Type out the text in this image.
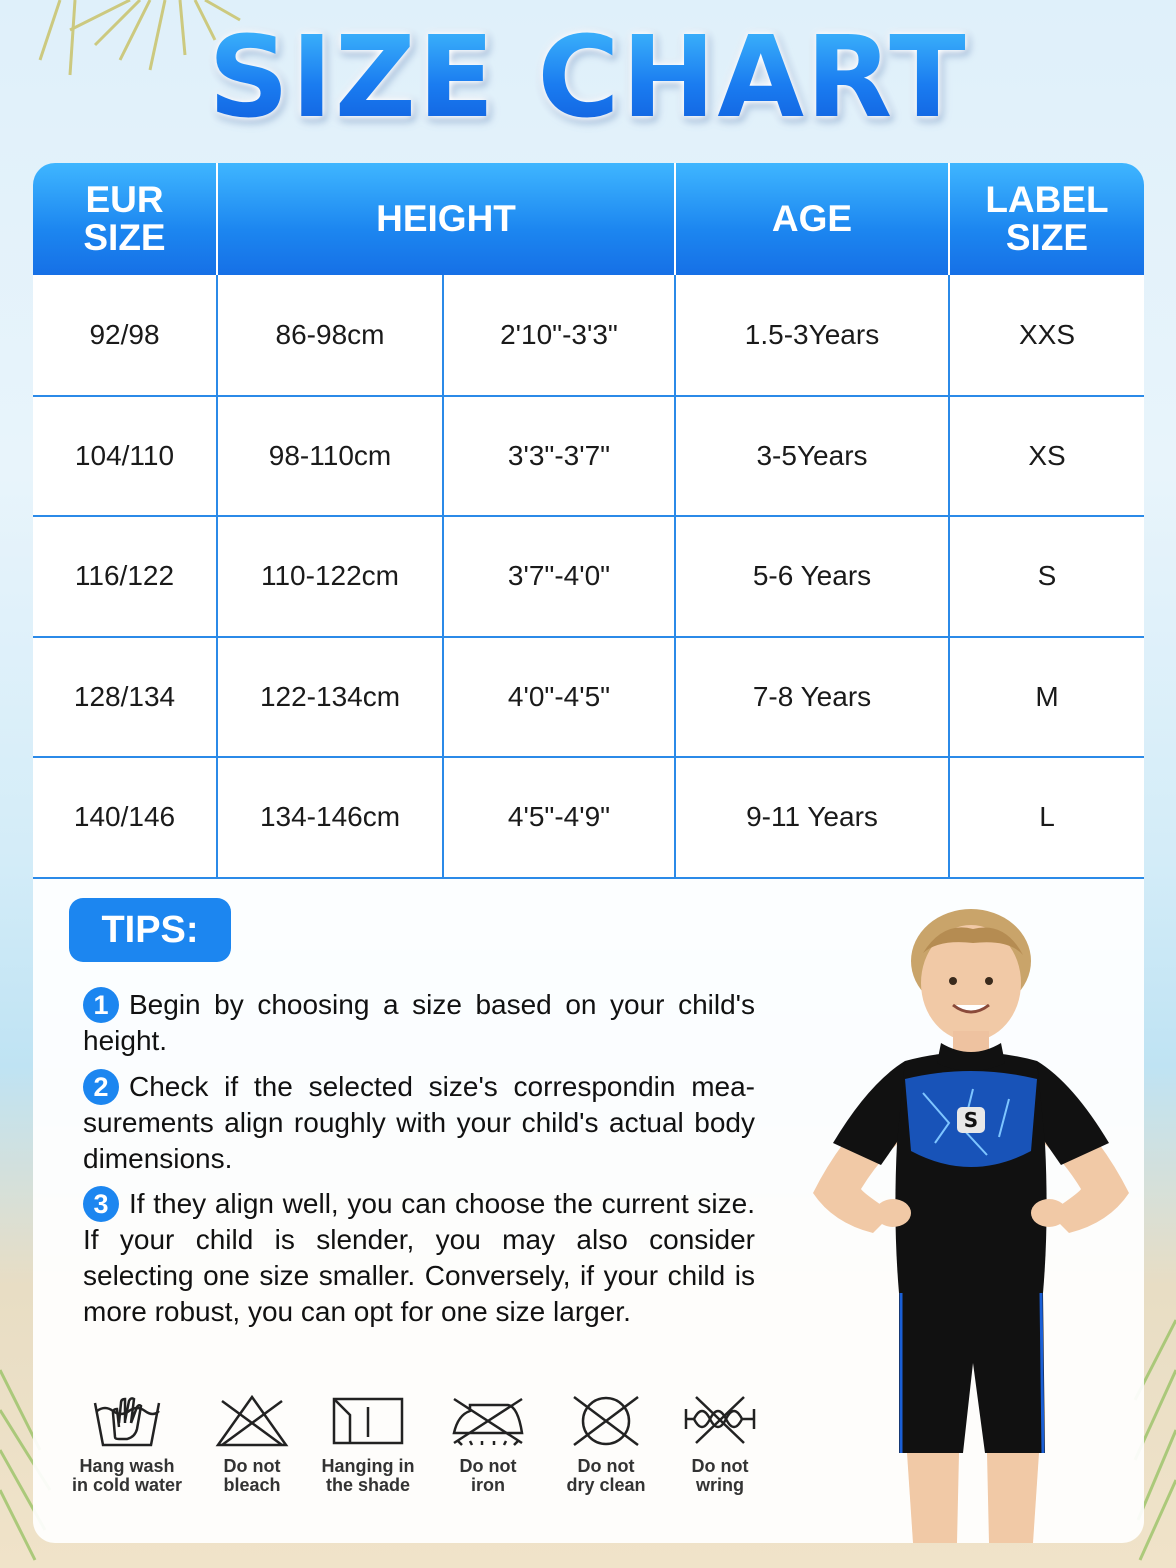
SIZE CHART
EUR SIZE	HEIGHT		AGE	LABEL SIZE
92/98	86-98cm	2'10"-3'3"	1.5-3Years	XXS
104/110	98-110cm	3'3"-3'7"	3-5Years	XS
116/122	110-122cm	3'7"-4'0"	5-6 Years	S
128/134	122-134cm	4'0"-4'5"	7-8 Years	M
140/146	134-146cm	4'5"-4'9"	9-11 Years	L
TIPS:

1 Begin by choosing a size based on your child's height.

2 Check if the selected size's correspondin mea-surements align roughly with your child's actual body dimensions.

3 If they align well, you can choose the current size. If your child is slender, you may also consider selecting one size smaller. Conversely, if your child is more robust, you can opt for one size larger.

Hang wash
in cold water
Do not
bleach
Hanging in
the shade
Do not
iron
Do not
dry clean
Do not
wring
S
